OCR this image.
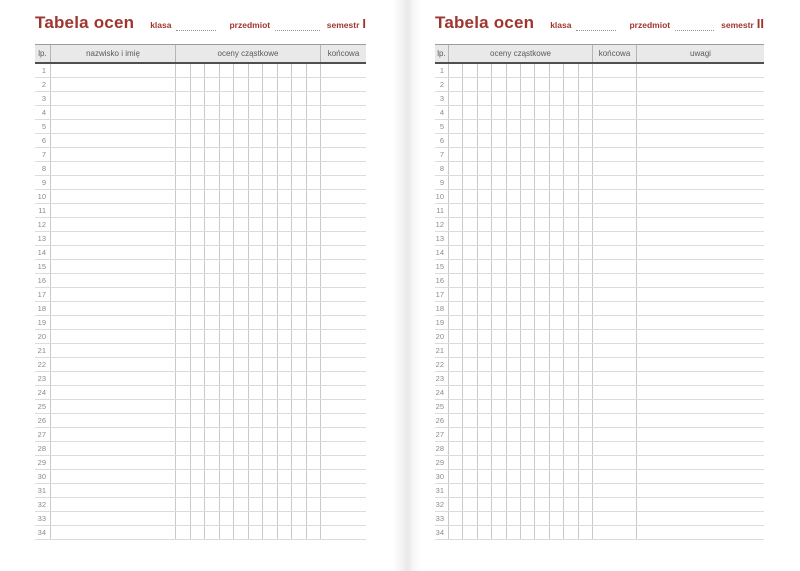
Tabela ocen klasa	przedmiot	semestr I
lp.	nazwisko i imię	oceny cząstkowe	końcowa
1
2
3
4
5
6
7
8
9
10
11
12
13
14
15
16
17
18
19
20
21
22
23
24
25
26
27
28
29
30
31
32
33
34
Tabela ocen klasa	przedmiot	semestr II
lp.	oceny cząstkowe	końcowa	uwagi
1
2
3
4
5
6
7
8
9
10
11
12
13
14
15
16
17
18
19
20
21
22
23
24
25
26
27
28
29
30
31
32
33
34
